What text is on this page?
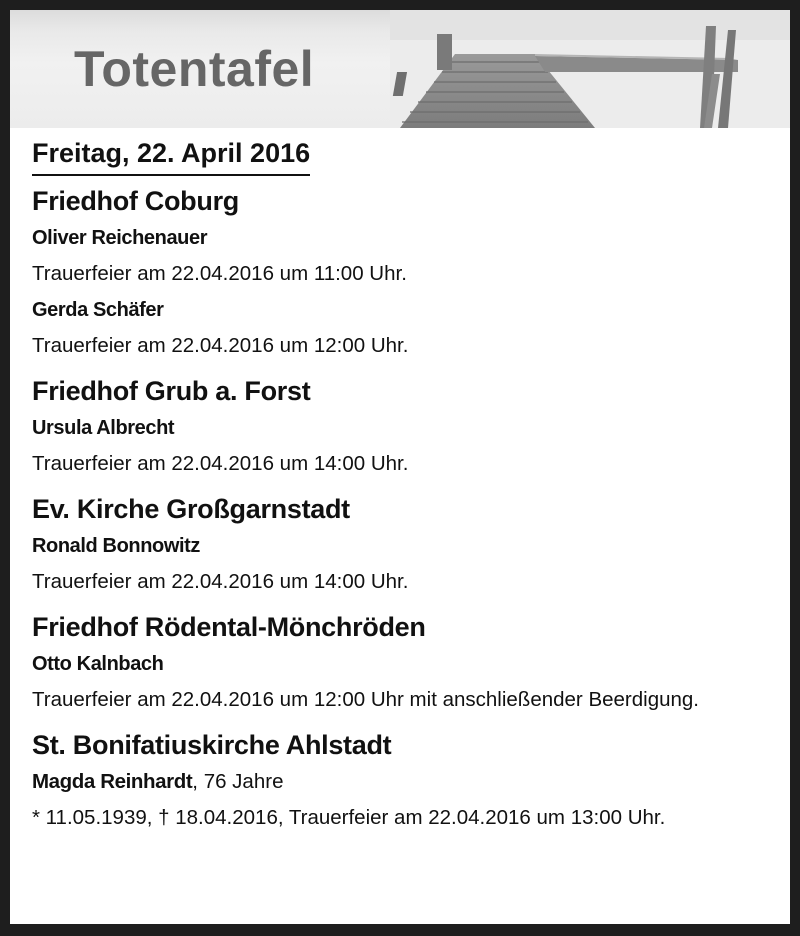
Totentafel
Freitag, 22. April 2016
Friedhof Coburg
Oliver Reichenauer
Trauerfeier am 22.04.2016 um 11:00 Uhr.
Gerda Schäfer
Trauerfeier am 22.04.2016 um 12:00 Uhr.
Friedhof Grub a. Forst
Ursula Albrecht
Trauerfeier am 22.04.2016 um 14:00 Uhr.
Ev. Kirche Großgarnstadt
Ronald Bonnowitz
Trauerfeier am 22.04.2016 um 14:00 Uhr.
Friedhof Rödental-Mönchröden
Otto Kalnbach
Trauerfeier am 22.04.2016 um 12:00 Uhr mit anschließender Beerdigung.
St. Bonifatiuskirche Ahlstadt
Magda Reinhardt, 76 Jahre
* 11.05.1939, † 18.04.2016, Trauerfeier am 22.04.2016 um 13:00 Uhr.
